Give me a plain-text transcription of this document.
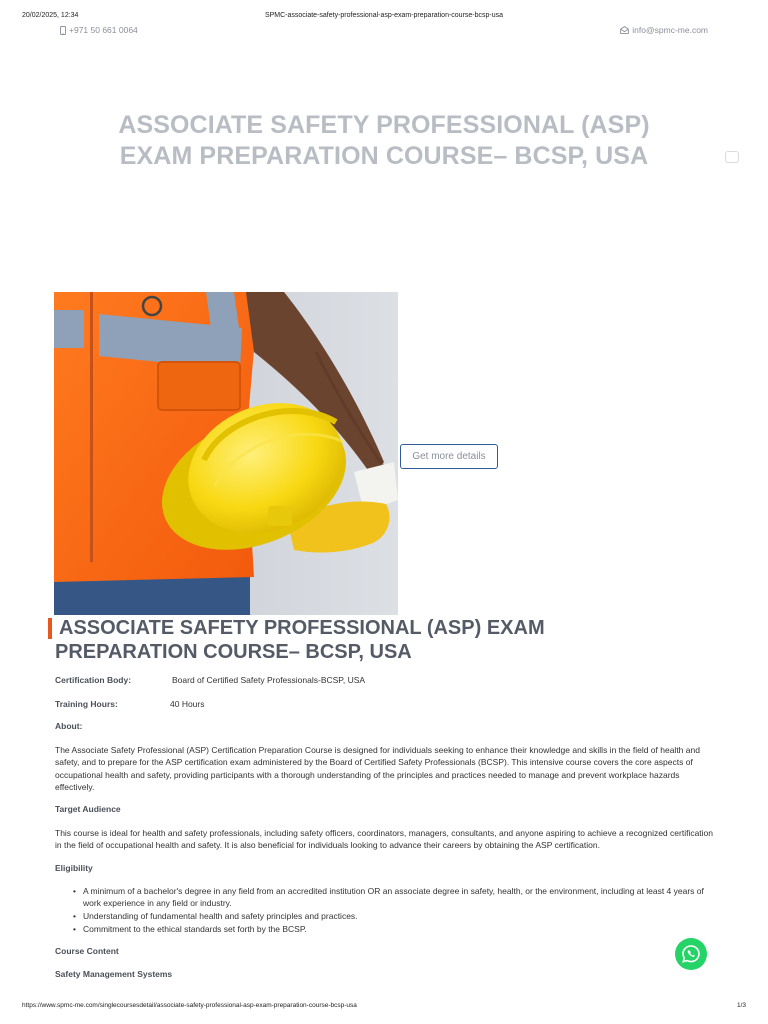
20/02/2025, 12:34	SPMC-associate-safety-professional-asp-exam-preparation-course-bcsp-usa
+971 50 661 0064	info@spmc-me.com
ASSOCIATE SAFETY PROFESSIONAL (ASP)
EXAM PREPARATION COURSE– BCSP, USA
Get more details
ASSOCIATE SAFETY PROFESSIONAL (ASP) EXAM
PREPARATION COURSE– BCSP, USA
Certification Body:	Board of Certified Safety Professionals-BCSP, USA
Training Hours:	40 Hours
About:

The Associate Safety Professional (ASP) Certification Preparation Course is designed for individuals seeking to enhance their knowledge and skills in the field of health and safety, and to prepare for the ASP certification exam administered by the Board of Certified Safety Professionals (BCSP). This intensive course covers the core aspects of occupational health and safety, providing participants with a thorough understanding of the principles and practices needed to manage and prevent workplace hazards effectively.

Target Audience

This course is ideal for health and safety professionals, including safety officers, coordinators, managers, consultants, and anyone aspiring to achieve a recognized certification in the field of occupational health and safety. It is also beneficial for individuals looking to advance their careers by obtaining the ASP certification.

Eligibility
• A minimum of a bachelor's degree in any field from an accredited institution OR an associate degree in safety, health, or the environment, including at least 4 years of work experience in any field or industry.
• Understanding of fundamental health and safety principles and practices.
• Commitment to the ethical standards set forth by the BCSP.
Course Content
Safety Management Systems
https://www.spmc-me.com/singlecoursesdetail/associate-safety-professional-asp-exam-preparation-course-bcsp-usa	1/3
